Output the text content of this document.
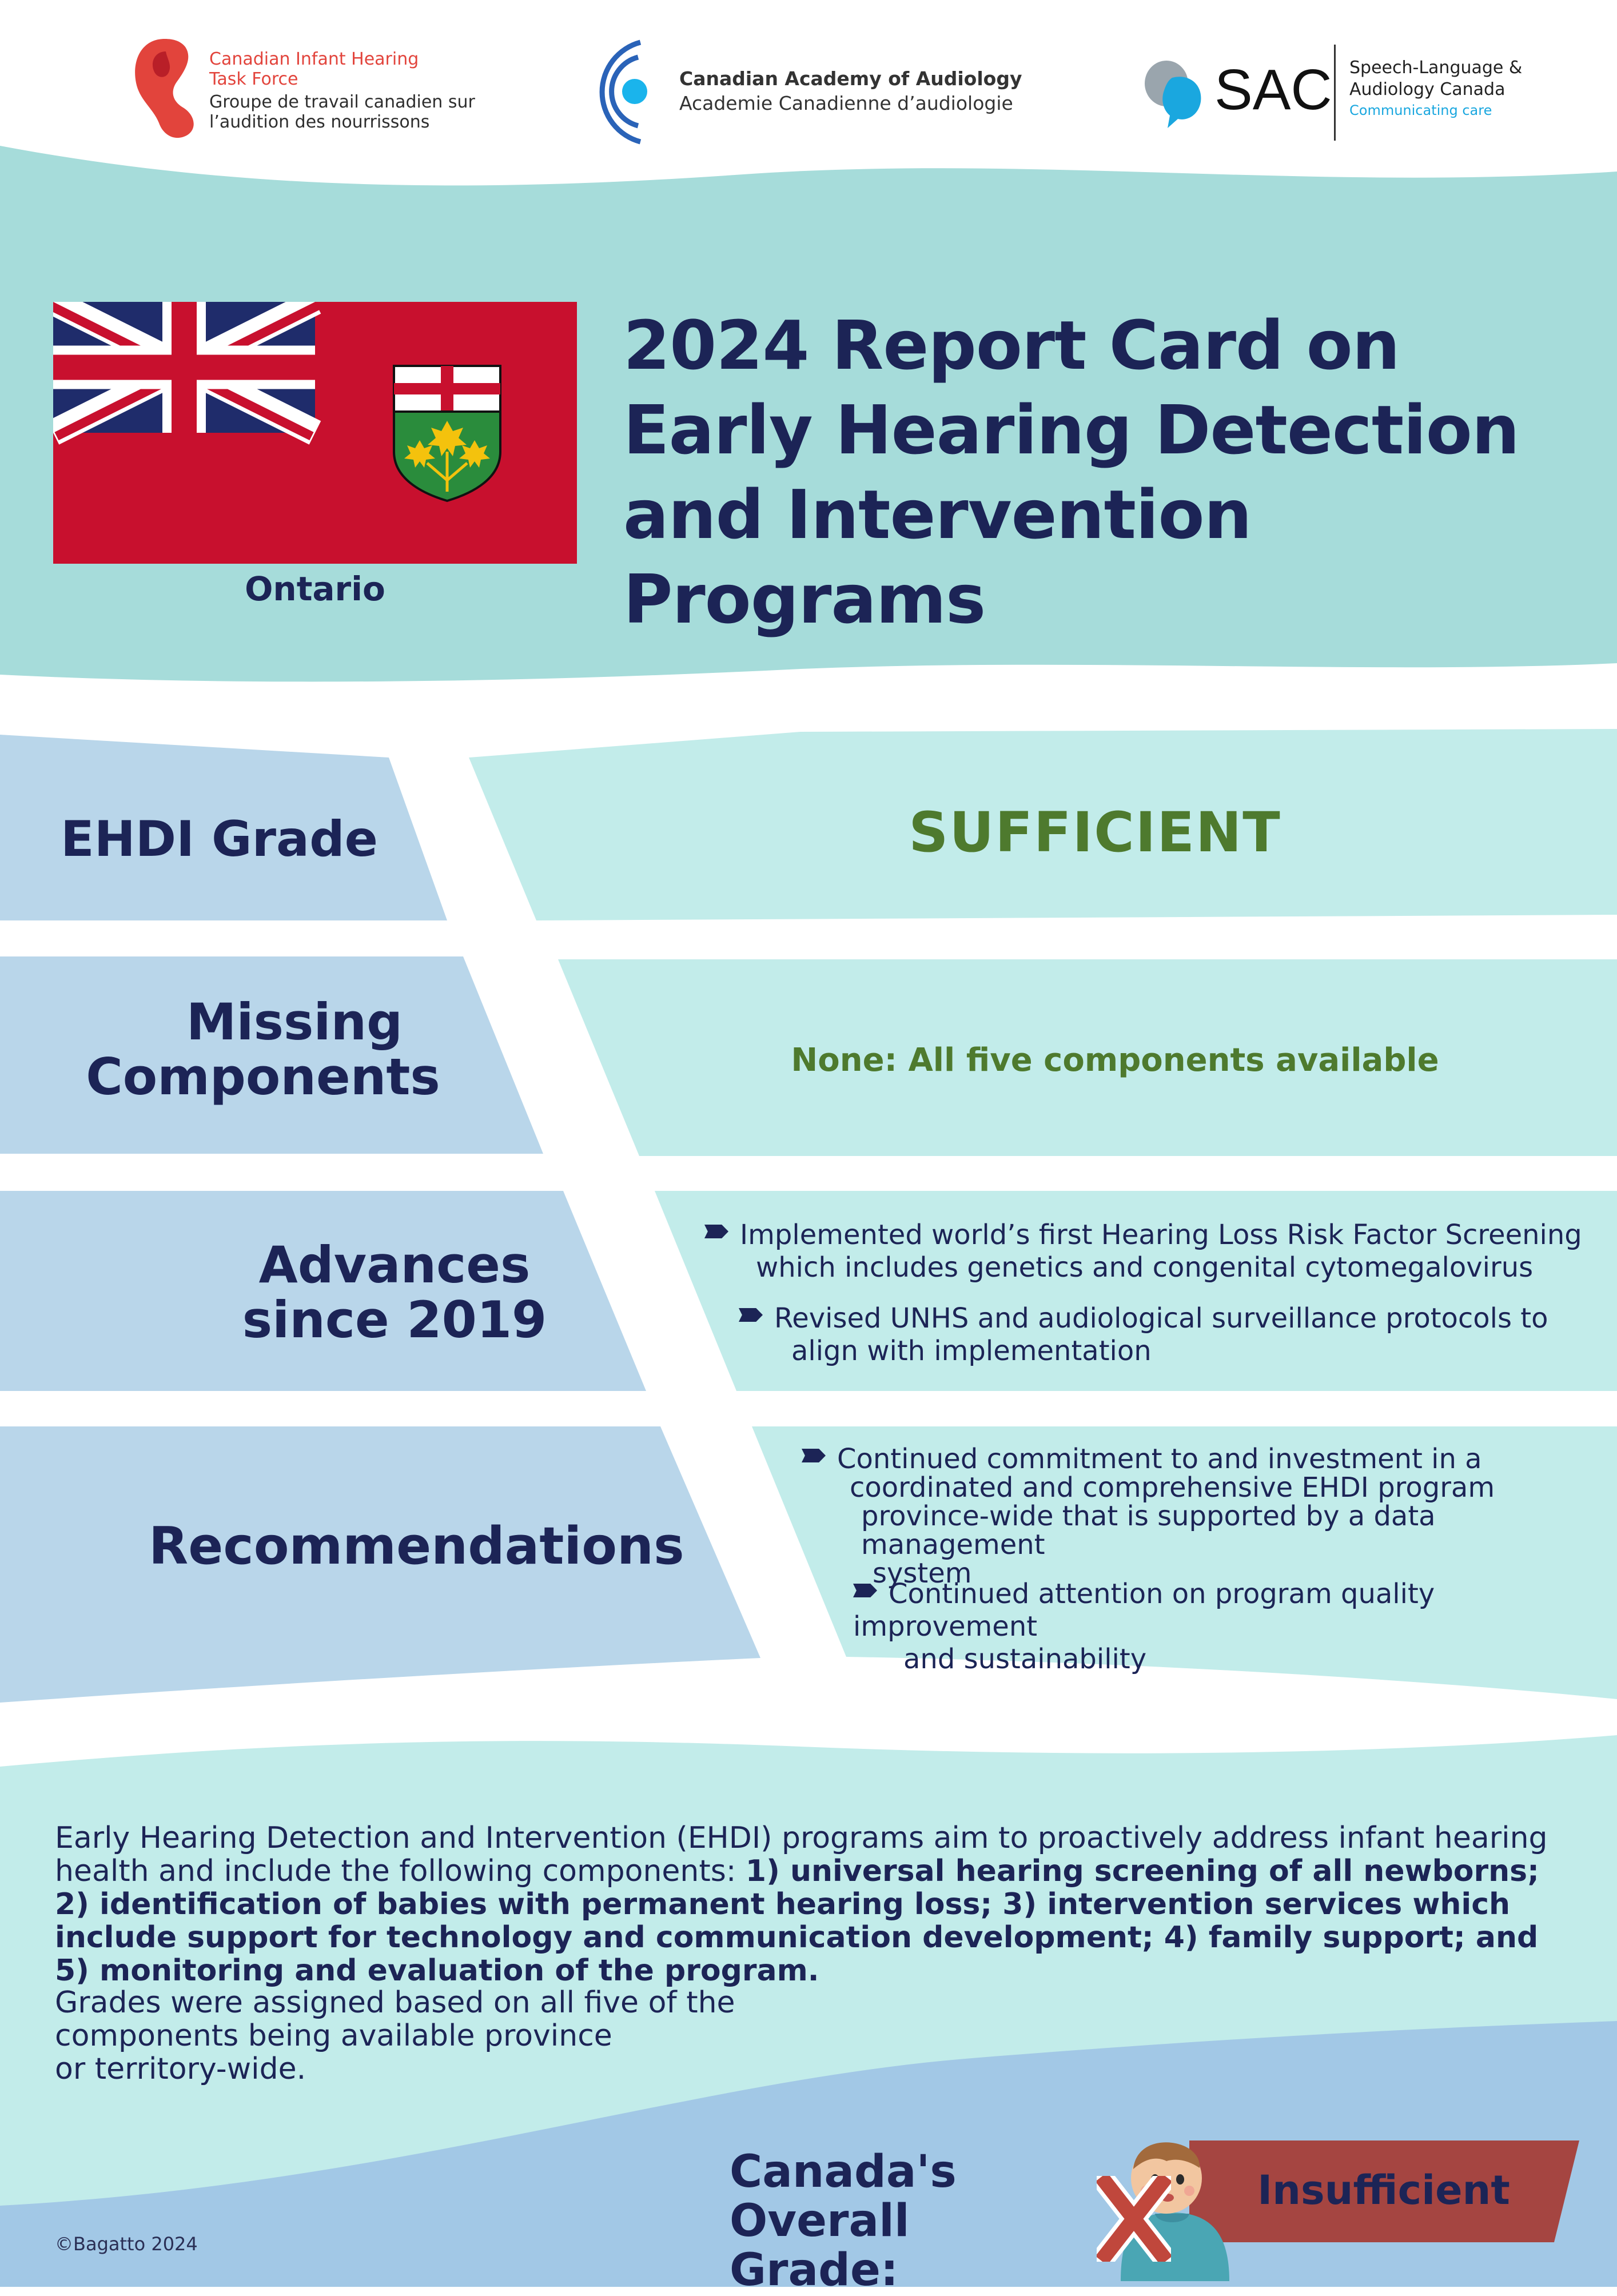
Canadian Infant Hearing
Task Force
Groupe de travail canadien sur
l’audition des nourrissons
Canadian Academy of Audiology
Academie Canadienne d’audiologie	SAC Speech-Language &
Audiology Canada
Communicating care
Ontario
2024 Report Card on
Early Hearing Detection
and Intervention Programs
EHDI Grade	SUFFICIENT
Missing
Components	None: All five components available
Advances
since 2019
Implemented world’s first Hearing Loss Risk Factor Screening
which includes genetics and congenital cytomegalovirus
Revised UNHS and audiological surveillance protocols to
align with implementation
Recommendations
Continued commitment to and investment in a
coordinated and comprehensive EHDI program
province-wide that is supported by a data management
system
Continued attention on program quality improvement
and sustainability
Early Hearing Detection and Intervention (EHDI) programs aim to proactively address infant hearing health and include the following components: 1) universal hearing screening of all newborns; 2) identification of babies with permanent hearing loss; 3) intervention services which include support for technology and communication development; 4) family support; and 5) monitoring and evaluation of the program.
Grades were assigned based on all five of the
components being available province
or territory-wide.
Canada's
Overall Grade:
Insufficient
©Bagatto 2024
